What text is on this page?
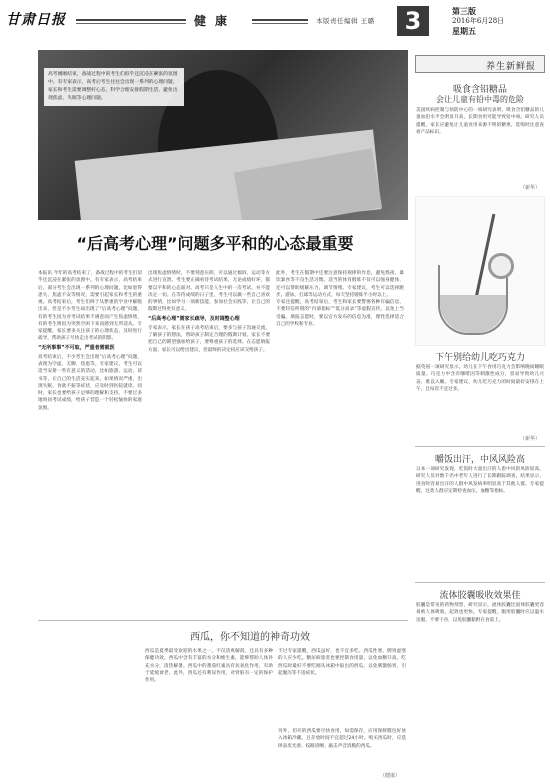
甘肃日报	健康	本版责任编辑 王璐	3	第三版
2016年6月28日
星期五
高考刚刚结束，备战过程中的考生们似乎还沉浸在紧张的氛围中。有专家表示，高考后考生往往会出现一系列的心理问题，家长和考生需要调整好心态，科学合理安排假期生活，避免出现焦虑、失眠等心理问题。
“后高考心理”问题多平和的心态最重要
本报讯 今年的高考结束了，备战过程中的考生们似乎还沉浸在紧张的氛围中。有专家表示，高考结束后，部分考生会出现一系列的心理问题，比如患得患失、焦虑不安等情况，需要引起家长和考生的重视。高考结束后，考生们终于从繁重的学业中解脱出来，但是不少考生却出现了“后高考心理”问题。有的考生因为对考试结果不满意而产生焦虑情绪，有的考生则因为突然空闲下来而感到无所适从。专家提醒，家长要多关注孩子的心理状态，及时进行疏导，帮助孩子尽快走出考试的阴影。
“无所事事”不可取，严重者需就医
高考结束后，不少考生会出现“后高考心理”问题，表现为空虚、无聊、焦虑等。专家建议，考生可以适当安排一些有意义的活动，比如旅游、运动、读书等，让自己的生活充实起来。如果情况严重，出现失眠、食欲不振等症状，应及时到医院就诊。同时，家长也要给孩子足够的理解和支持，不要过多地询问考试成绩，给孩子营造一个轻松愉快的家庭氛围。
出现焦虑情绪时，不要刻意压抑，可以通过倾诉、运动等方式进行宣泄。考生要正确看待考试结果，无论成绩好坏，都要以平和的心态面对。高考只是人生中的一次考试，并不能决定一切。在等待成绩的日子里，考生可以做一些自己喜欢的事情，比如学习一项新技能、参加社会实践等，让自己的假期过得更有意义。
“后高考心理”需家长疏导，及时调整心理
专家表示，家长在孩子高考结束后，要多与孩子沟通交流，了解孩子的想法，帮助孩子制定合理的假期计划。家长不要把自己的期望强加给孩子，要尊重孩子的选择。在志愿填报方面，家长可以给出建议，但最终的决定权应该交给孩子。
此外，考生在假期中还要注意保持规律的作息，避免熬夜、暴饮暴食等不良生活习惯。适当的体育锻炼不仅可以强身健体，还可以帮助缓解压力，调节情绪。专家建议，考生可以选择跑步、游泳、打球等运动方式，每天坚持锻炼半小时以上。
专家还提醒，高考结束后，考生和家长要警惕各种诈骗信息，不要轻信所谓的“内部指标”“低分高录”等虚假宣传，以免上当受骗。填报志愿时，要以官方发布的信息为准，理性选择适合自己的学校和专业。
养生新鲜报
吸食含铅糖品
会让儿童有铅中毒的危险
美国疾病控制与预防中心的一项研究表明，吸食含铅糖品的儿童血铅水平会明显升高，长期食用可能导致铅中毒。研究人员提醒，家长应避免让儿童食用来源不明的糖果，选购时注意查看产品标识。
（新华）
下午别给幼儿吃巧克力
据英国一项研究显示，幼儿在下午食用巧克力会影响晚间睡眠质量。巧克力中含有咖啡因等刺激性成分，容易导致幼儿兴奋、难以入睡。专家建议，幼儿吃巧克力的时间最好安排在上午，且每次不宜过多。
（新华）
嚼饭出汗，中风风险高
日本一项研究发现，吃饭时大量出汗的人患中风的风险较高。研究人员对数千名中老年人进行了长期跟踪调查，结果显示，进食时容易出汗的人群中风发病率明显高于其他人群。专家提醒，这类人群应定期检查血压、血糖等指标。
流体胶囊吸收效果佳
胶囊是常见的药物剂型，研究显示，流体胶囊比固体胶囊更容易被人体吸收，起效也更快。专家提醒，服用胶囊时应以温水送服，不要干吞，以免胶囊黏附在食道上。
西瓜，你不知道的神奇功效
西瓜是夏季最受欢迎的水果之一，不仅清爽解渴，还具有多种保健功效。西瓜中含有丰富的水分和维生素，能够帮助人体补充水分，清热解暑。西瓜中的番茄红素具有抗氧化作用，有助于延缓衰老。此外，西瓜还有利尿作用，对肾脏有一定的保护作用。
不过专家提醒，西瓜虽好，也不宜多吃。西瓜性寒，脾胃虚寒的人应少吃。糖尿病患者也要控制食用量，以免血糖升高。吃西瓜时最好不要吃刚从冰箱中取出的西瓜，以免刺激肠胃，引起腹泻等不适症状。
另外，切开的西瓜要尽快食用，如需保存，应用保鲜膜包好放入冰箱冷藏，且存放时间不宜超过24小时。购买西瓜时，应选择表皮光滑、纹路清晰、敲击声音清脆的西瓜。
（健康）
